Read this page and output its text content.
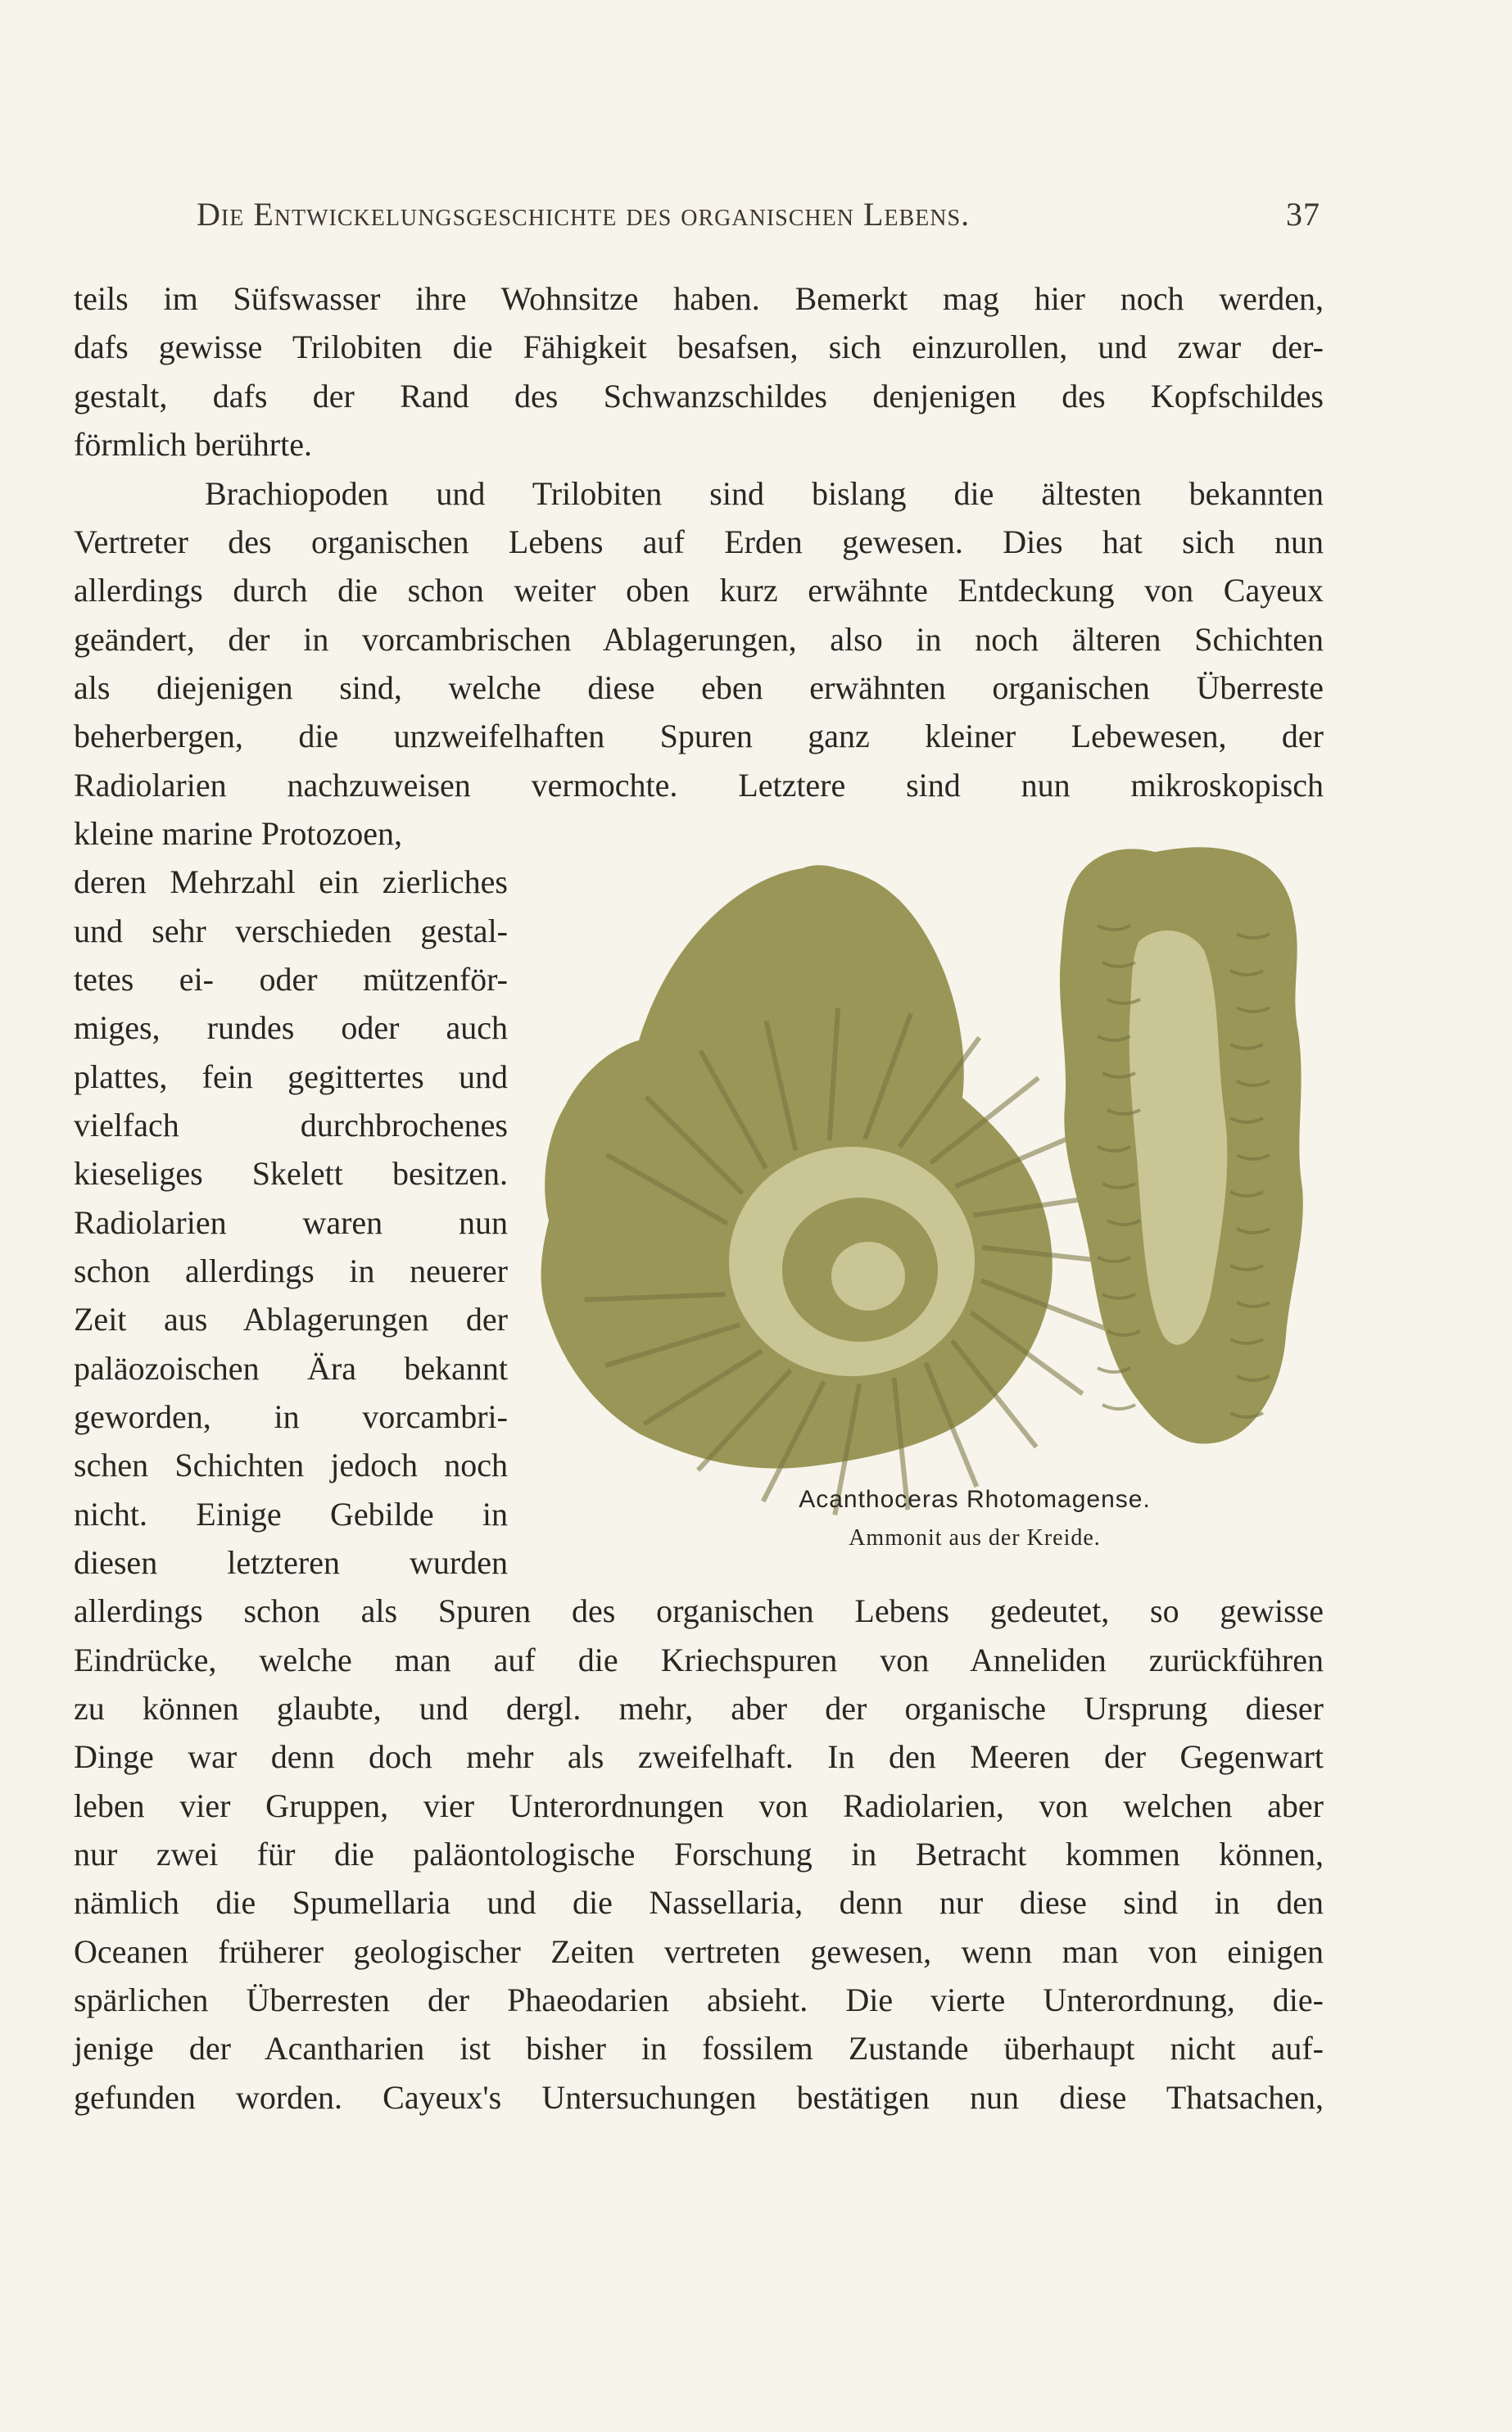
Die Entwickelungsgeschichte des organischen Lebens.	37
teils im Süfswasser ihre Wohnsitze haben. Bemerkt mag hier noch werden,
dafs gewisse Trilobiten die Fähigkeit besafsen, sich einzurollen, und zwar der-
gestalt, dafs der Rand des Schwanzschildes denjenigen des Kopfschildes
förmlich berührte.
Brachiopoden und Trilobiten sind bislang die ältesten bekannten
Vertreter des organischen Lebens auf Erden gewesen. Dies hat sich nun
allerdings durch die schon weiter oben kurz erwähnte Entdeckung von Cayeux
geändert, der in vorcambrischen Ablagerungen, also in noch älteren Schichten
als diejenigen sind, welche diese eben erwähnten organischen Überreste
beherbergen, die unzweifelhaften Spuren ganz kleiner Lebewesen, der
Radiolarien nachzuweisen vermochte. Letztere sind nun mikroskopisch
kleine marine Protozoen,
deren Mehrzahl ein zierliches
und sehr verschieden gestal-
tetes ei- oder mützenför-
miges, rundes oder auch
plattes, fein gegittertes und
vielfach durchbrochenes
kieseliges Skelett besitzen.
Radiolarien waren nun
schon allerdings in neuerer
Zeit aus Ablagerungen der
paläozoischen Ära bekannt
geworden, in vorcambri-
schen Schichten jedoch noch
nicht. Einige Gebilde in
diesen letzteren wurden
allerdings schon als Spuren des organischen Lebens gedeutet, so gewisse
Eindrücke, welche man auf die Kriechspuren von Anneliden zurückführen
zu können glaubte, und dergl. mehr, aber der organische Ursprung dieser
Dinge war denn doch mehr als zweifelhaft. In den Meeren der Gegenwart
leben vier Gruppen, vier Unterordnungen von Radiolarien, von welchen aber
nur zwei für die paläontologische Forschung in Betracht kommen können,
nämlich die Spumellaria und die Nassellaria, denn nur diese sind in den
Oceanen früherer geologischer Zeiten vertreten gewesen, wenn man von einigen
spärlichen Überresten der Phaeodarien absieht. Die vierte Unterordnung, die-
jenige der Acantharien ist bisher in fossilem Zustande überhaupt nicht auf-
gefunden worden. Cayeux's Untersuchungen bestätigen nun diese Thatsachen,
Acanthoceras Rhotomagense.
Ammonit aus der Kreide.
